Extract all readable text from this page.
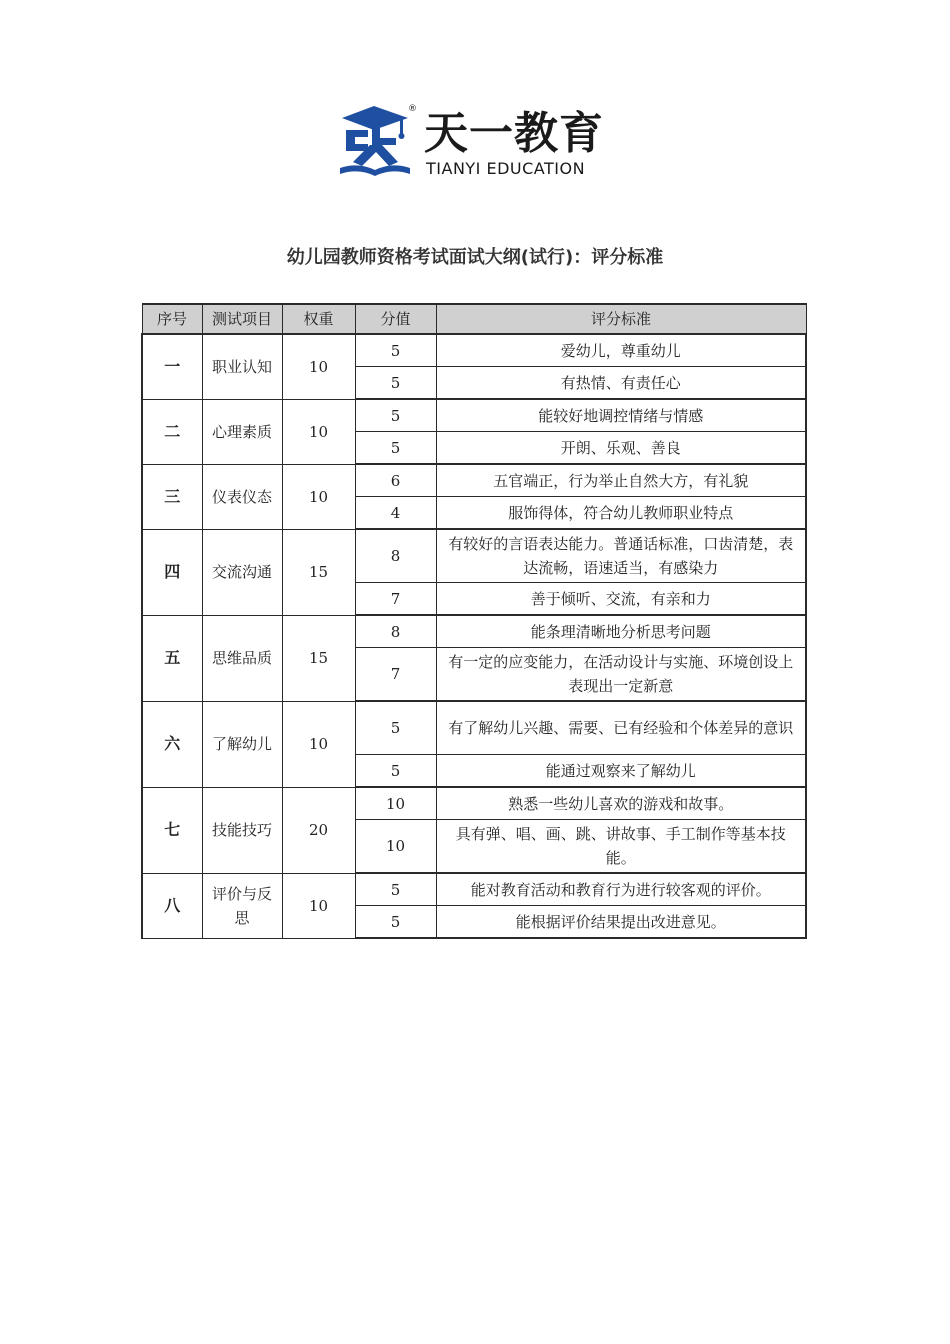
® 天一教育
TIANYI EDUCATION
幼儿园教师资格考试面试大纲(试行)：评分标准
序号	测试项目	权重	分值	评分标准
一	职业认知	10	5	爱幼儿，尊重幼儿
			5	有热情、有责任心
二	心理素质	10	5	能较好地调控情绪与情感
			5	开朗、乐观、善良
三	仪表仪态	10	6	五官端正，行为举止自然大方，有礼貌
			4	服饰得体，符合幼儿教师职业特点
四	交流沟通	15	8	有较好的言语表达能力。普通话标准，口齿清楚，表达流畅，语速适当，有感染力
			7	善于倾听、交流，有亲和力
五	思维品质	15	8	能条理清晰地分析思考问题
			7	有一定的应变能力，在活动设计与实施、环境创设上表现出一定新意
六	了解幼儿	10	5	有了解幼儿兴趣、需要、已有经验和个体差异的意识
			5	能通过观察来了解幼儿
七	技能技巧	20	10	熟悉一些幼儿喜欢的游戏和故事。
			10	具有弹、唱、画、跳、讲故事、手工制作等基本技能。
八	评价与反思	10	5	能对教育活动和教育行为进行较客观的评价。
			5	能根据评价结果提出改进意见。
